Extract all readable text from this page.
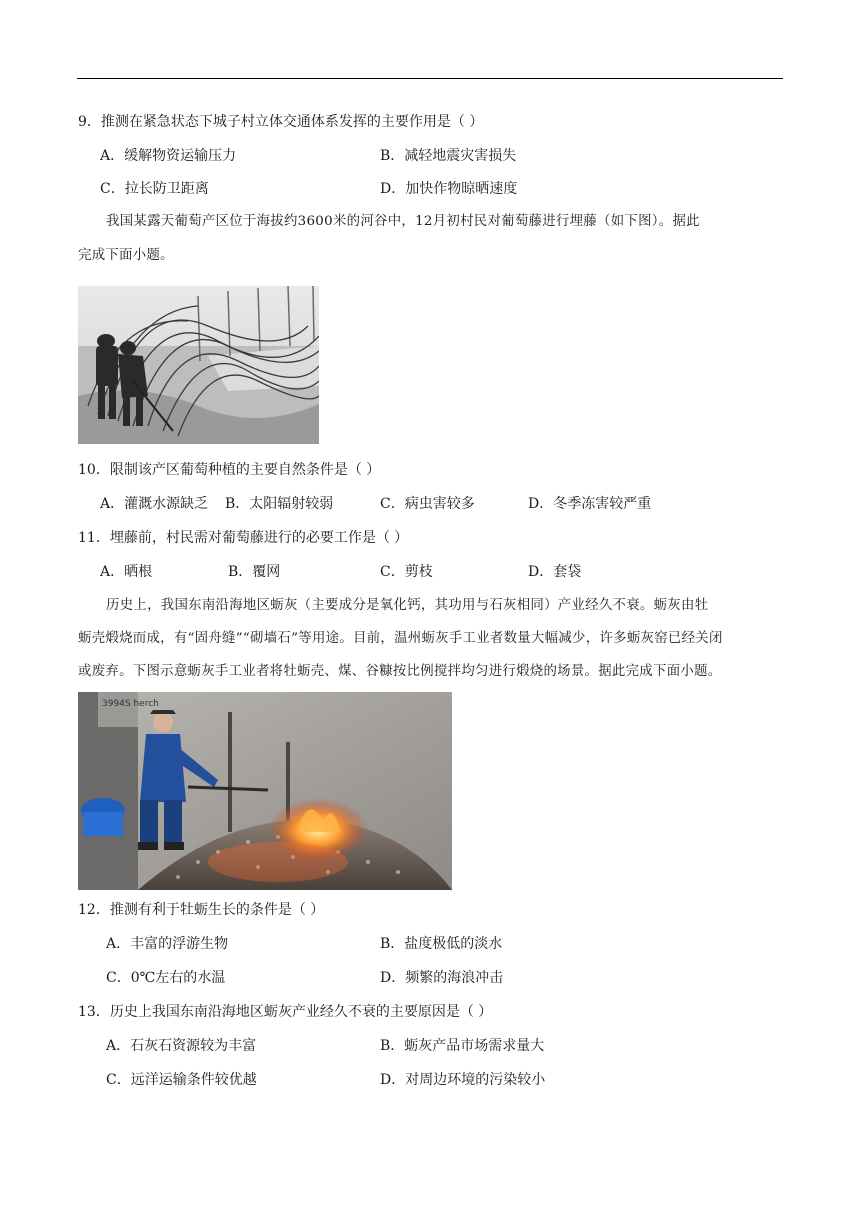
9．推测在紧急状态下城子村立体交通体系发挥的主要作用是（ ）
A．缓解物资运输压力	B．减轻地震灾害损失
C．拉长防卫距离	D．加快作物晾晒速度

我国某露天葡萄产区位于海拔约3600米的河谷中，12月初村民对葡萄藤进行埋藤（如下图）。据此

完成下面小题。

10．限制该产区葡萄种植的主要自然条件是（ ）
A．灌溉水源缺乏 B．太阳辐射较弱	C．病虫害较多	D．冬季冻害较严重
11．埋藤前，村民需对葡萄藤进行的必要工作是（ ）
A．晒根	B．覆网	C．剪枝	D．套袋

历史上，我国东南沿海地区蛎灰（主要成分是氧化钙，其功用与石灰相同）产业经久不衰。蛎灰由牡

蛎壳煅烧而成，有“固舟缝”“砌墙石”等用途。目前，温州蛎灰手工业者数量大幅减少，许多蛎灰窑已经关闭

或废弃。下图示意蛎灰手工业者将牡蛎壳、煤、谷糠按比例搅拌均匀进行煅烧的场景。据此完成下面小题。

3994S herch
12．推测有利于牡蛎生长的条件是（ ）
A．丰富的浮游生物	B．盐度极低的淡水
C．0℃左右的水温	D．频繁的海浪冲击
13．历史上我国东南沿海地区蛎灰产业经久不衰的主要原因是（ ）
A．石灰石资源较为丰富	B．蛎灰产品市场需求量大
C．远洋运输条件较优越	D．对周边环境的污染较小
